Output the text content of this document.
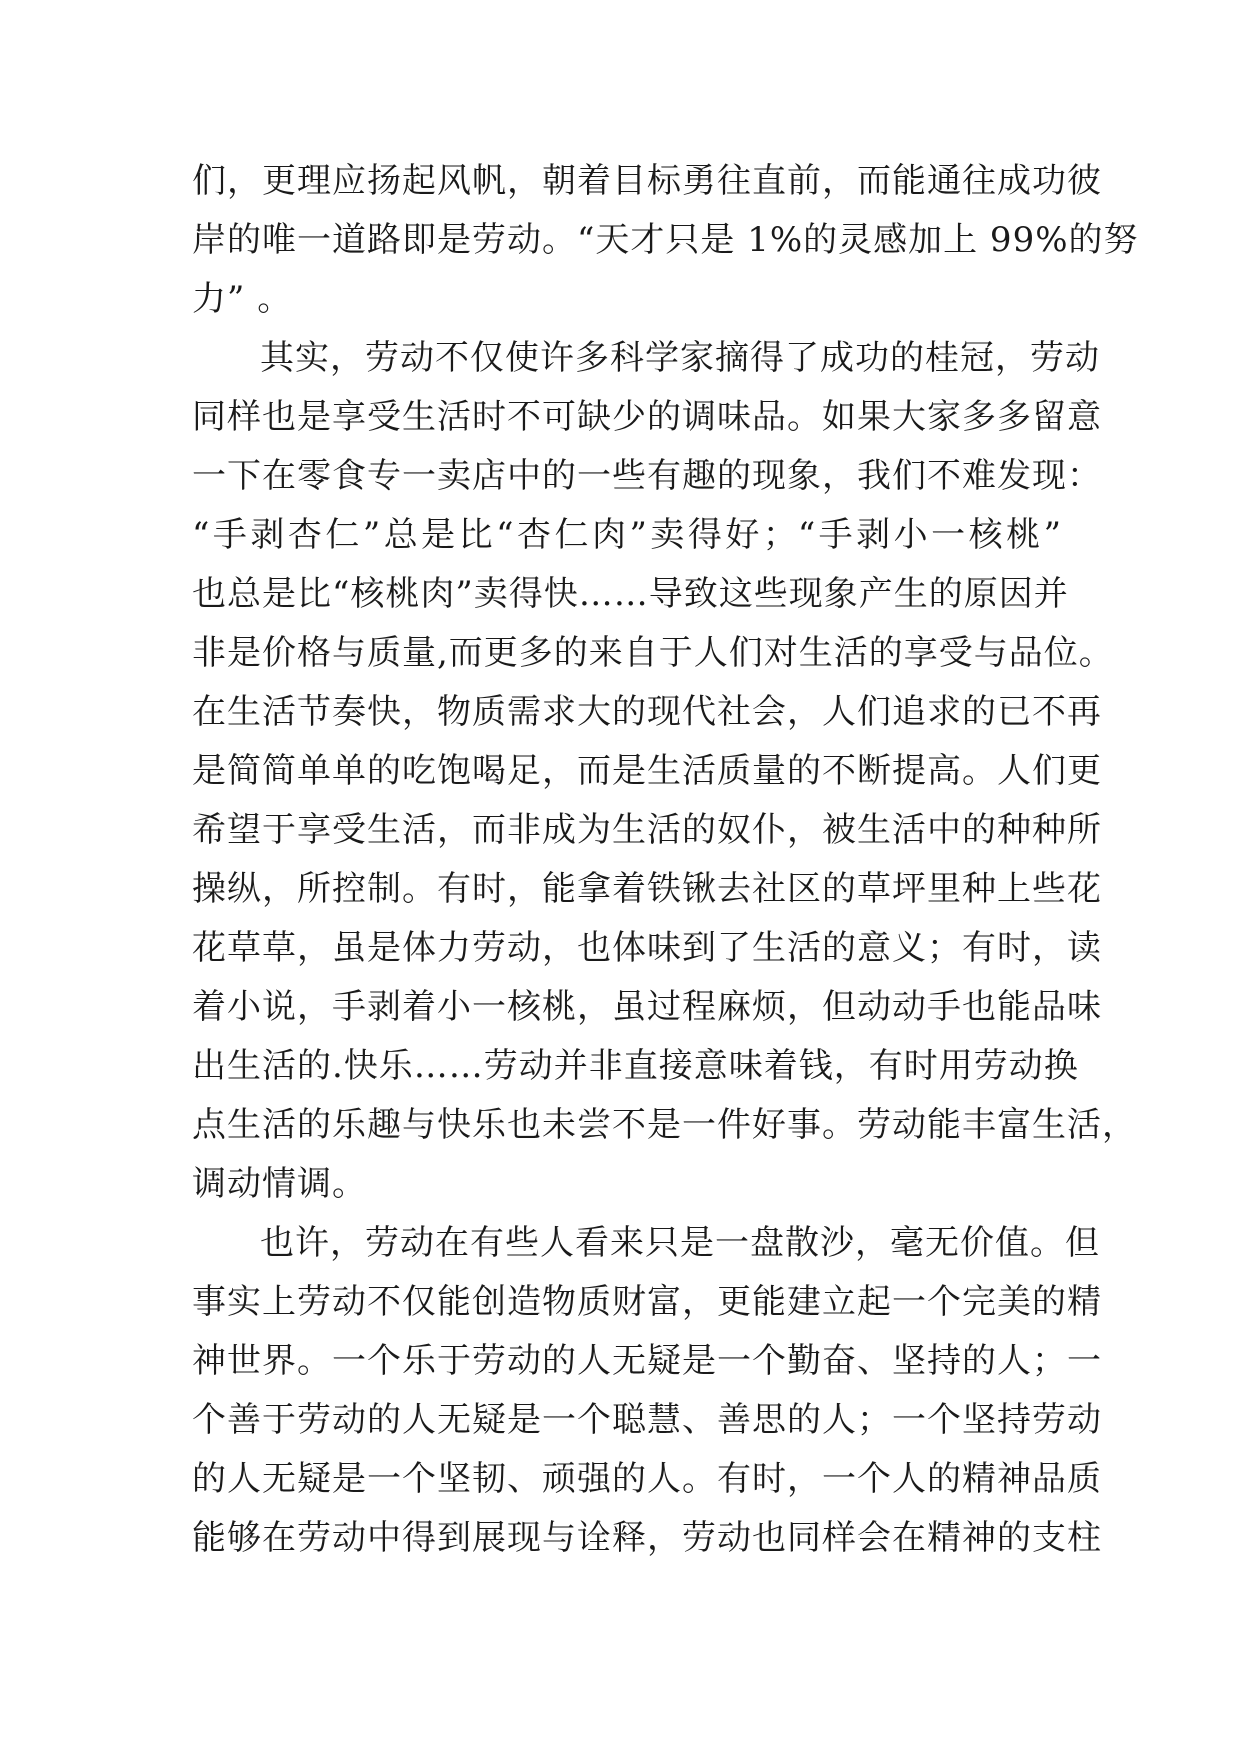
们，更理应扬起风帆，朝着目标勇往直前，而能通往成功彼
岸的唯一道路即是劳动。“天才只是 1%的灵感加上 99%的努
力” 。
其实，劳动不仅使许多科学家摘得了成功的桂冠，劳动
同样也是享受生活时不可缺少的调味品。如果大家多多留意
一下在零食专一卖店中的一些有趣的现象，我们不难发现：
“手剥杏仁”总是比“杏仁肉”卖得好；“手剥小一核桃”
也总是比“核桃肉”卖得快……导致这些现象产生的原因并
非是价格与质量,而更多的来自于人们对生活的享受与品位。
在生活节奏快，物质需求大的现代社会，人们追求的已不再
是简简单单的吃饱喝足，而是生活质量的不断提高。人们更
希望于享受生活，而非成为生活的奴仆，被生活中的种种所
操纵，所控制。有时，能拿着铁锹去社区的草坪里种上些花
花草草，虽是体力劳动，也体味到了生活的意义；有时，读
着小说，手剥着小一核桃，虽过程麻烦，但动动手也能品味
出生活的.快乐……劳动并非直接意味着钱，有时用劳动换
点生活的乐趣与快乐也未尝不是一件好事。劳动能丰富生活，
调动情调。
也许，劳动在有些人看来只是一盘散沙，毫无价值。但
事实上劳动不仅能创造物质财富，更能建立起一个完美的精
神世界。一个乐于劳动的人无疑是一个勤奋、坚持的人；一
个善于劳动的人无疑是一个聪慧、善思的人；一个坚持劳动
的人无疑是一个坚韧、顽强的人。有时，一个人的精神品质
能够在劳动中得到展现与诠释，劳动也同样会在精神的支柱
